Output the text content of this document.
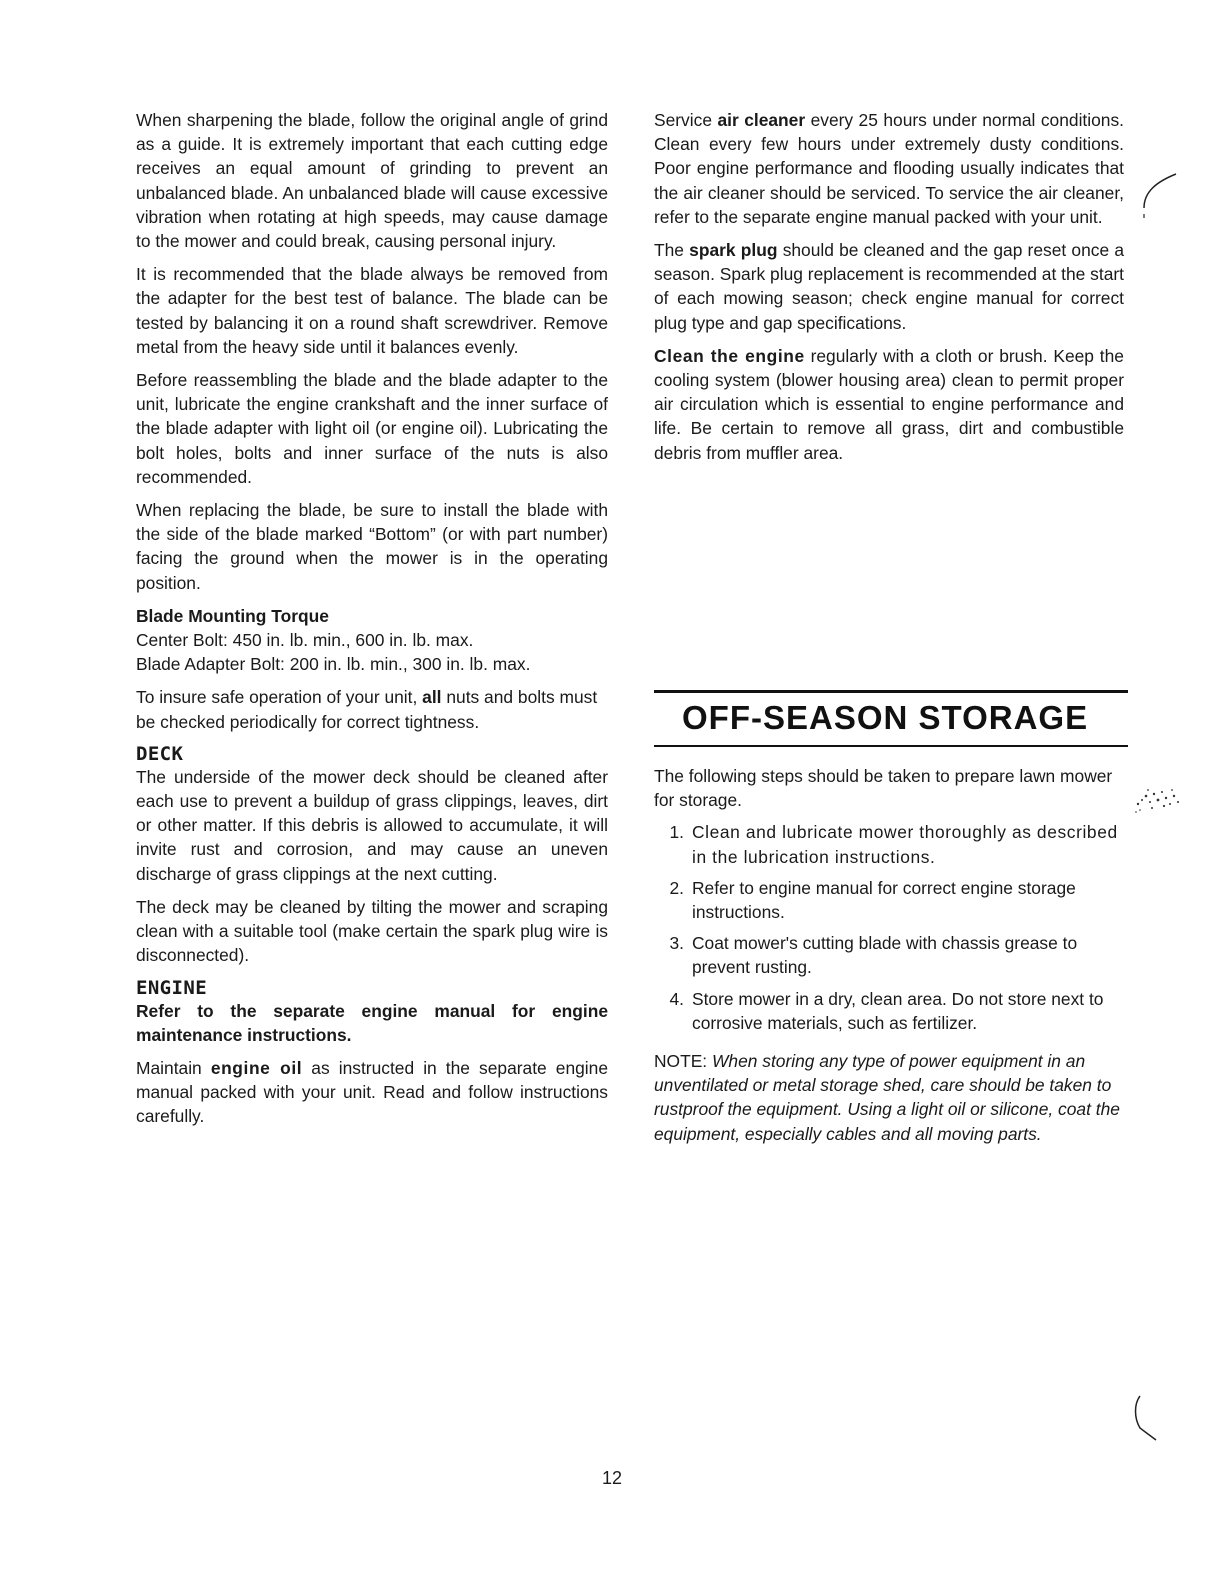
When sharpening the blade, follow the original angle of grind as a guide. It is extremely important that each cutting edge receives an equal amount of grinding to prevent an unbalanced blade. An unbalanced blade will cause excessive vibration when rotating at high speeds, may cause damage to the mower and could break, causing personal injury.

It is recommended that the blade always be removed from the adapter for the best test of balance. The blade can be tested by balancing it on a round shaft screwdriver. Remove metal from the heavy side until it balances evenly.

Before reassembling the blade and the blade adapter to the unit, lubricate the engine crankshaft and the inner surface of the blade adapter with light oil (or engine oil). Lubricating the bolt holes, bolts and inner surface of the nuts is also recommended.

When replacing the blade, be sure to install the blade with the side of the blade marked “Bottom” (or with part number) facing the ground when the mower is in the operating position.

Blade Mounting Torque

Center Bolt: 450 in. lb. min., 600 in. lb. max.

Blade Adapter Bolt: 200 in. lb. min., 300 in. lb. max.

To insure safe operation of your unit, all nuts and bolts must be checked periodically for correct tightness.

DECK

The underside of the mower deck should be cleaned after each use to prevent a buildup of grass clippings, leaves, dirt or other matter. If this debris is allowed to accumulate, it will invite rust and corrosion, and may cause an uneven discharge of grass clippings at the next cutting.

The deck may be cleaned by tilting the mower and scraping clean with a suitable tool (make certain the spark plug wire is disconnected).

ENGINE

Refer to the separate engine manual for engine maintenance instructions.

Maintain engine oil as instructed in the separate engine manual packed with your unit. Read and follow instructions carefully.

Service air cleaner every 25 hours under normal conditions. Clean every few hours under extremely dusty conditions. Poor engine performance and flooding usually indicates that the air cleaner should be serviced. To service the air cleaner, refer to the separate engine manual packed with your unit.

The spark plug should be cleaned and the gap reset once a season. Spark plug replacement is recommended at the start of each mowing season; check engine manual for correct plug type and gap specifications.

Clean the engine regularly with a cloth or brush. Keep the cooling system (blower housing area) clean to permit proper air circulation which is essential to engine performance and life. Be certain to remove all grass, dirt and combustible debris from muffler area.

OFF-SEASON STORAGE

The following steps should be taken to prepare lawn mower for storage.

1. Clean and lubricate mower thoroughly as described in the lubrication instructions.
2. Refer to engine manual for correct engine storage instructions.
3. Coat mower's cutting blade with chassis grease to prevent rusting.
4. Store mower in a dry, clean area. Do not store next to corrosive materials, such as fertilizer.

NOTE: When storing any type of power equipment in an unventilated or metal storage shed, care should be taken to rustproof the equipment. Using a light oil or silicone, coat the equipment, especially cables and all moving parts.

12
